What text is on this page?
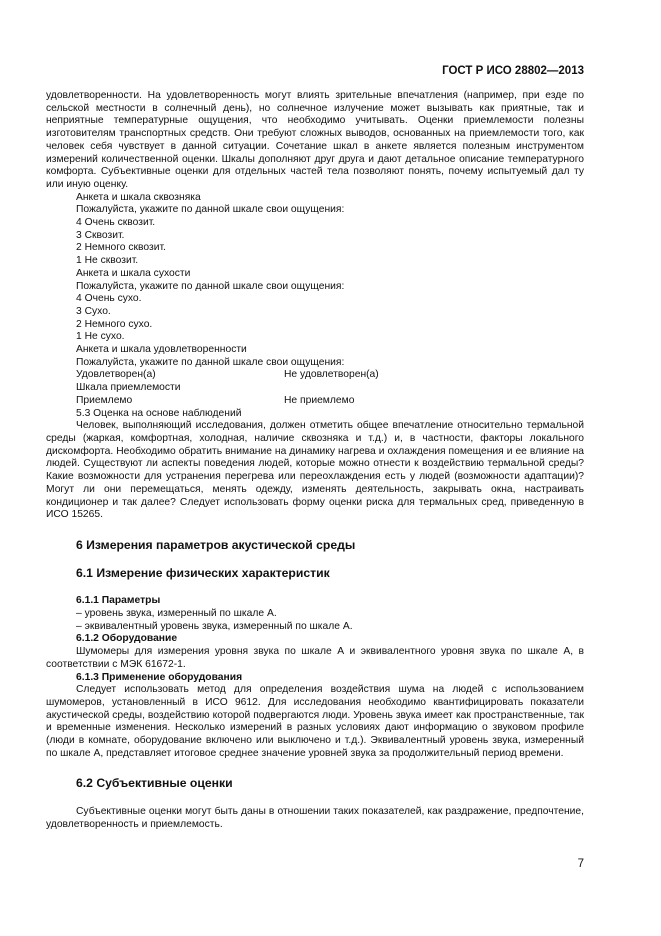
ГОСТ Р ИСО 28802—2013

удовлетворенности. На удовлетворенность могут влиять зрительные впечатления (например, при езде по сельской местности в солнечный день), но солнечное излучение может вызывать как приятные, так и неприятные температурные ощущения, что необходимо учитывать. Оценки приемлемости полезны изготовителям транспортных средств. Они требуют сложных выводов, основанных на приемлемости того, как человек себя чувствует в данной ситуации. Сочетание шкал в анкете является полезным инструментом измерений количественной оценки. Шкалы дополняют друг друга и дают детальное описание температурного комфорта. Субъективные оценки для отдельных частей тела позволяют понять, почему испытуемый дал ту или иную оценку.

Анкета и шкала сквозняка

Пожалуйста, укажите по данной шкале свои ощущения:

4 Очень сквозит.

3 Сквозит.

2 Немного сквозит.

1 Не сквозит.

Анкета и шкала сухости

Пожалуйста, укажите по данной шкале свои ощущения:

4 Очень сухо.

3 Сухо.

2 Немного сухо.

1 Не сухо.

Анкета и шкала удовлетворенности

Пожалуйста, укажите по данной шкале свои ощущения:

Удовлетворен(а)	Не удовлетворен(а)

Шкала приемлемости

Приемлемо	Не приемлемо

5.3 Оценка на основе наблюдений

Человек, выполняющий исследования, должен отметить общее впечатление относительно термальной среды (жаркая, комфортная, холодная, наличие сквозняка и т.д.) и, в частности, факторы локального дискомфорта. Необходимо обратить внимание на динамику нагрева и охлаждения помещения и ее влияние на людей. Существуют ли аспекты поведения людей, которые можно отнести к воздействию термальной среды? Какие возможности для устранения перегрева или переохлаждения есть у людей (возможности адаптации)? Могут ли они перемещаться, менять одежду, изменять деятельность, закрывать окна, настраивать кондиционер и так далее? Следует использовать форму оценки риска для термальных сред, приведенную в ИСО 15265.

6 Измерения параметров акустической среды

6.1 Измерение физических характеристик

6.1.1 Параметры

– уровень звука, измеренный по шкале А.

– эквивалентный уровень звука, измеренный по шкале А.

6.1.2 Оборудование

Шумомеры для измерения уровня звука по шкале А и эквивалентного уровня звука по шкале А, в соответствии с МЭК 61672-1.

6.1.3 Применение оборудования

Следует использовать метод для определения воздействия шума на людей с использованием шумомеров, установленный в ИСО 9612. Для исследования необходимо квантифицировать показатели акустической среды, воздействию которой подвергаются люди. Уровень звука имеет как пространственные, так и временные изменения. Несколько измерений в разных условиях дают информацию о звуковом профиле (люди в комнате, оборудование включено или выключено и т.д.). Эквивалентный уровень звука, измеренный по шкале А, представляет итоговое среднее значение уровней звука за продолжительный период времени.

6.2 Субъективные оценки

Субъективные оценки могут быть даны в отношении таких показателей, как раздражение, предпочтение, удовлетворенность и приемлемость.

7
